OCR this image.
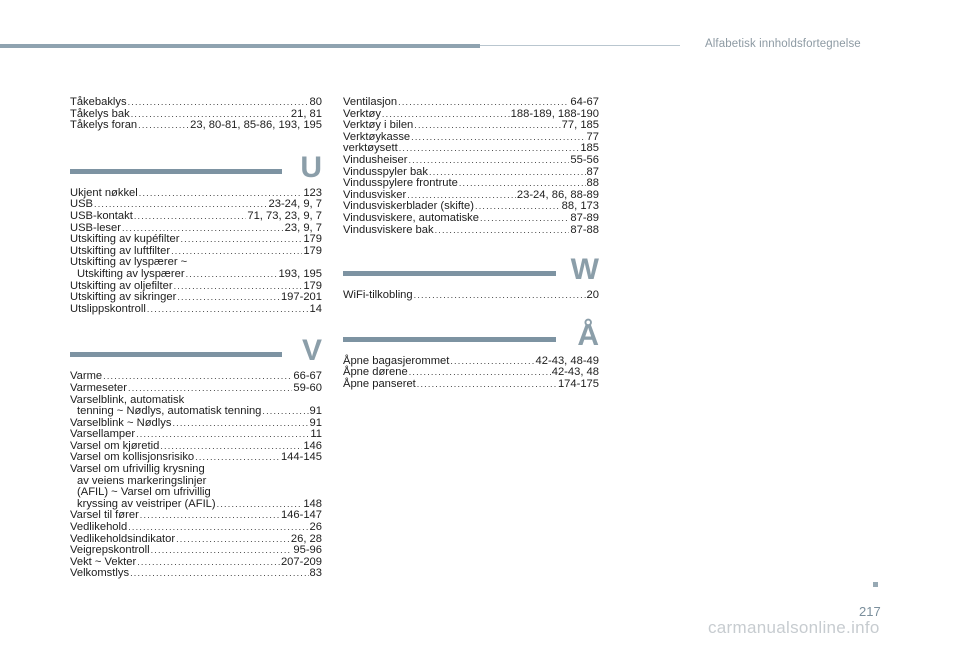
Alfabetisk innholdsfortegnelse
Tåkebaklys .....	80
Tåkelys bak .....	21, 81
Tåkelys foran .....	23, 80-81, 85-86, 193, 195
U
Ukjent nøkkel .....	123
USB .....	23-24, 9, 7
USB-kontakt .....	71, 73, 23, 9, 7
USB-leser .....	23, 9, 7
Utskifting av kupéfilter .....	179
Utskifting av luftfilter .....	179
Utskifting av lyspærer ~
Utskifting av lyspærer .....	193, 195
Utskifting av oljefilter .....	179
Utskifting av sikringer .....	197-201
Utslippskontroll .....	14
V
Varme .....	66-67
Varmeseter .....	59-60
Varselblink, automatisk
tenning ~ Nødlys, automatisk tenning .....	91
Varselblink ~ Nødlys .....	91
Varsellamper .....	11
Varsel om kjøretid .....	146
Varsel om kollisjonsrisiko .....	144-145
Varsel om ufrivillig krysning
av veiens markeringslinjer
(AFIL) ~ Varsel om ufrivillig
kryssing av veistriper (AFIL) .....	148
Varsel til fører .....	146-147
Vedlikehold .....	26
Vedlikeholdsindikator .....	26, 28
Veigrepskontroll .....	95-96
Vekt ~ Vekter .....	207-209
Velkomstlys .....	83
Ventilasjon .....	64-67
Verktøy .....	188-189, 188-190
Verktøy i bilen .....	77, 185
Verktøykasse .....	77
verktøysett .....	185
Vindusheiser .....	55-56
Vindusspyler bak .....	87
Vindusspylere frontrute .....	88
Vindusvisker .....	23-24, 86, 88-89
Vindusviskerblader (skifte) .....	88, 173
Vindusviskere, automatiske .....	87-89
Vindusviskere bak .....	87-88
W
WiFi-tilkobling .....	20
Å
Åpne bagasjerommet .....	42-43, 48-49
Åpne dørene .....	42-43, 48
Åpne panseret .....	174-175
217
carmanualsonline.info
